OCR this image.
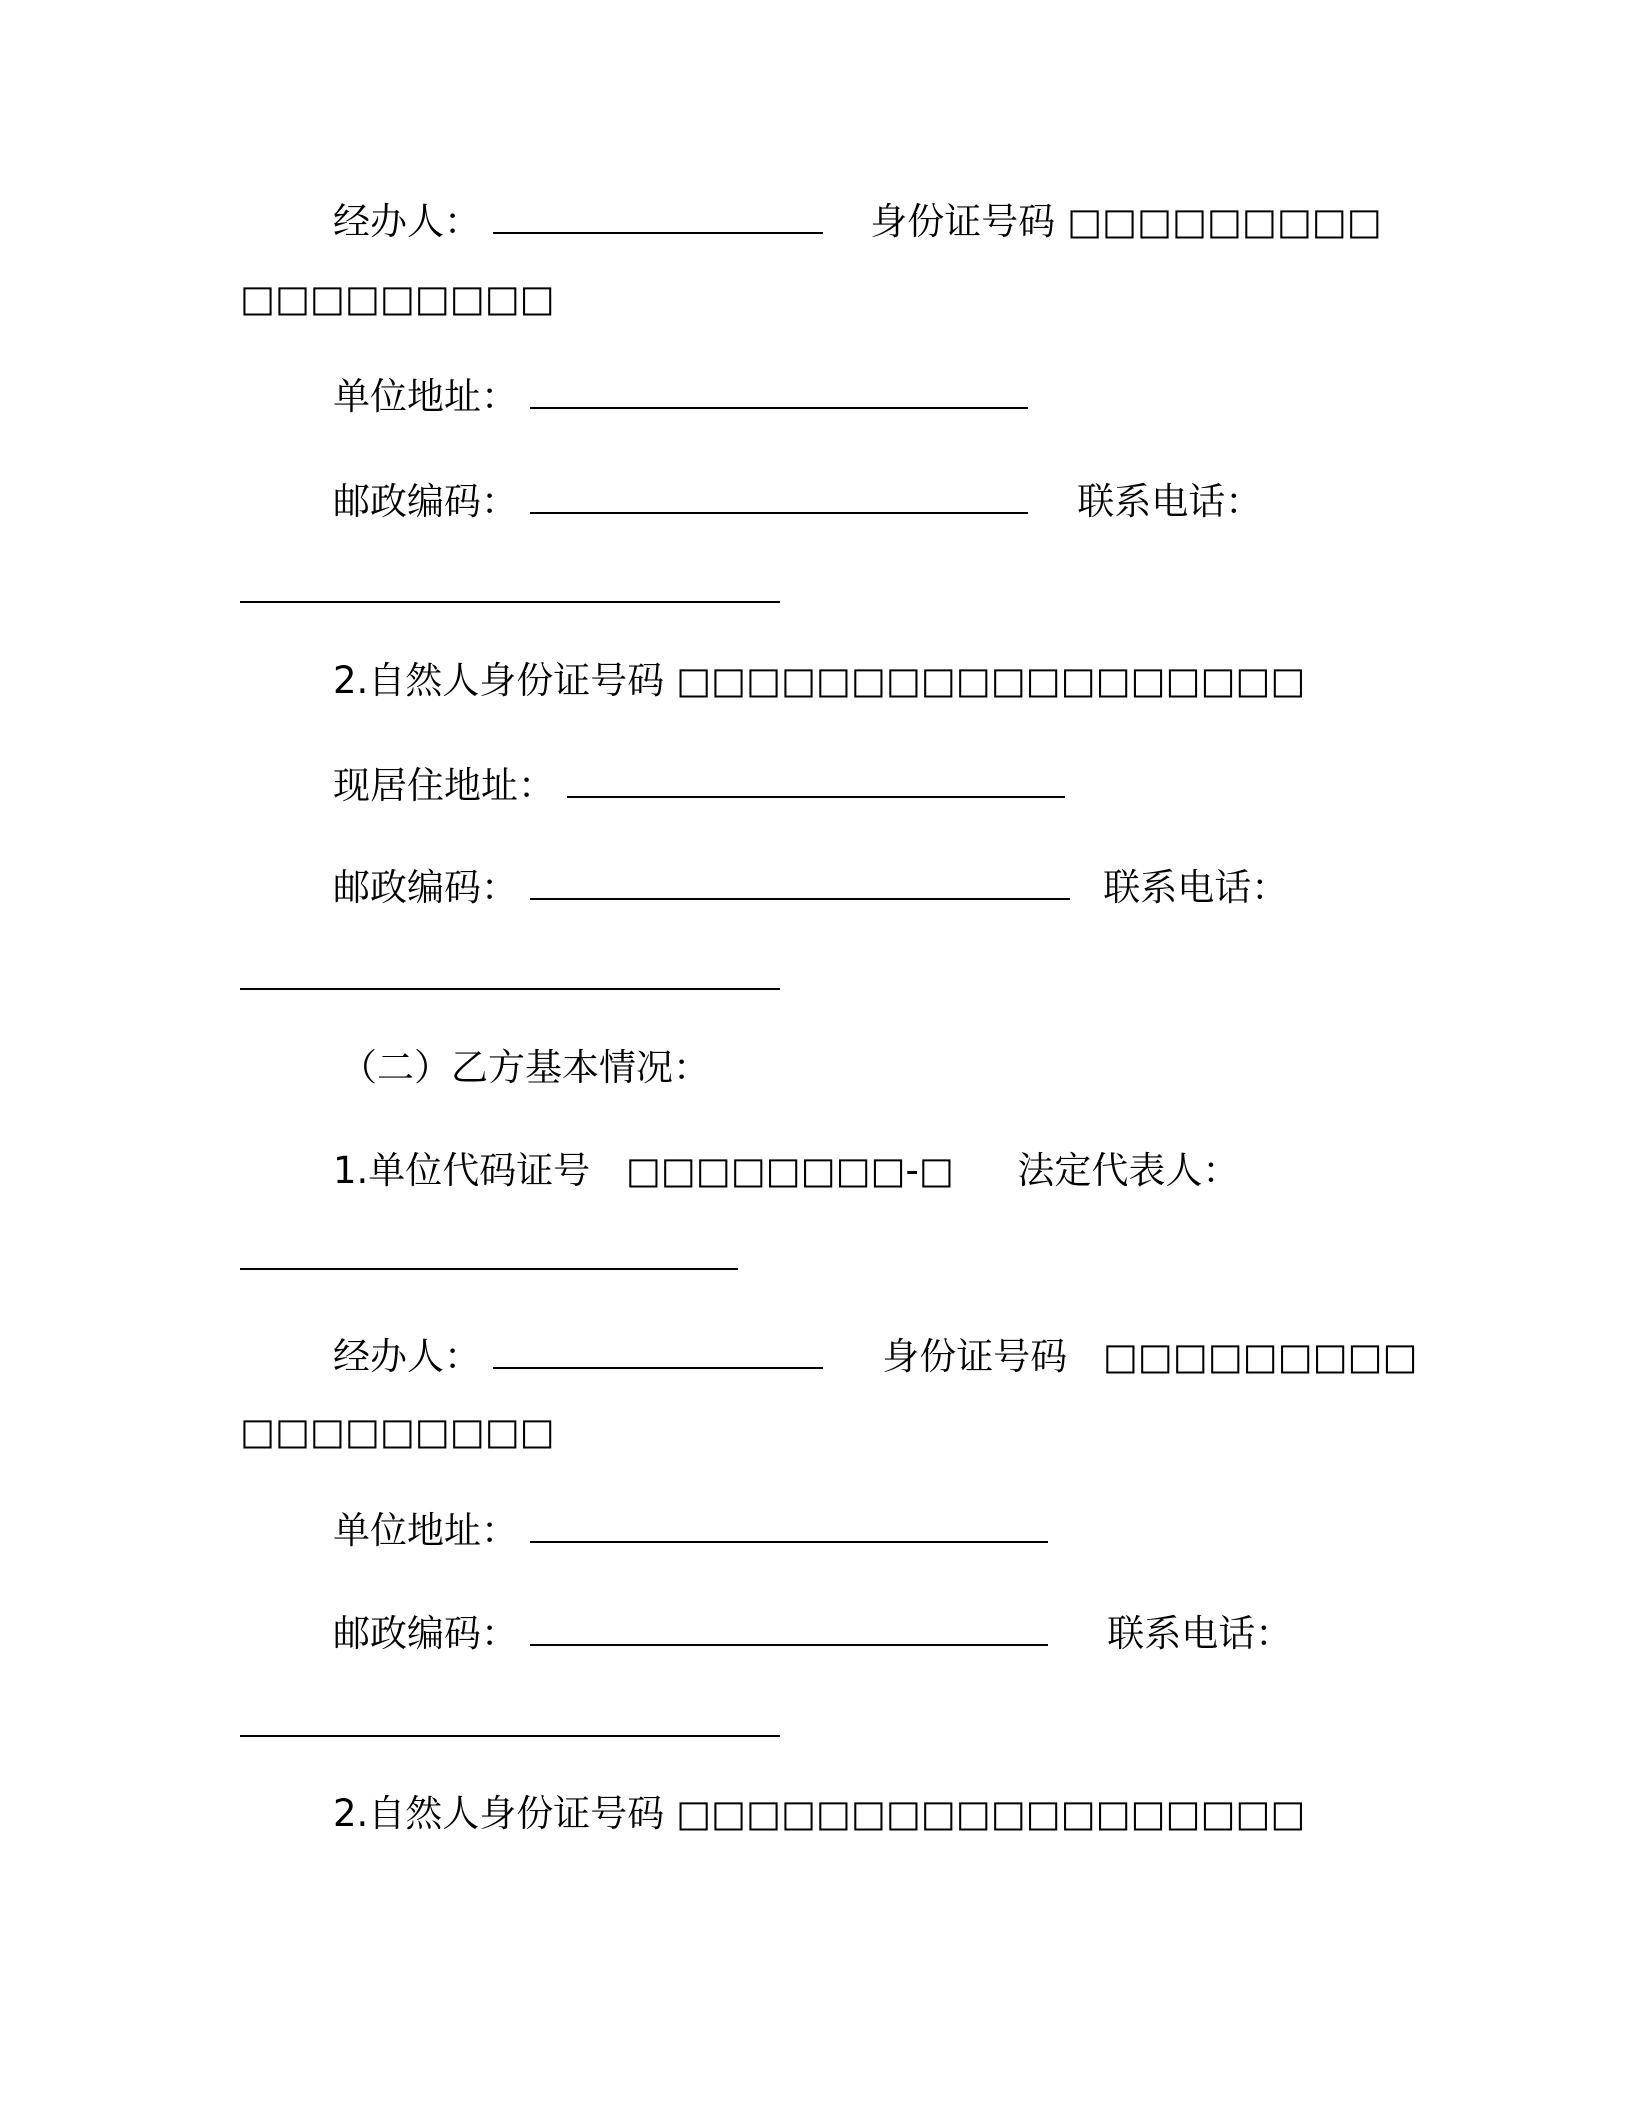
经办人：	身份证号码 □□□□□□□□□
□□□□□□□□□
单位地址：
邮政编码：	联系电话：
2.自然人身份证号码 □□□□□□□□□□□□□□□□□□
现居住地址：
邮政编码：	联系电话：
（二）乙方基本情况：
1.单位代码证号 □□□□□□□□-□ 法定代表人：
经办人：	身份证号码 □□□□□□□□□
□□□□□□□□□
单位地址：
邮政编码：	联系电话：
2.自然人身份证号码 □□□□□□□□□□□□□□□□□□
